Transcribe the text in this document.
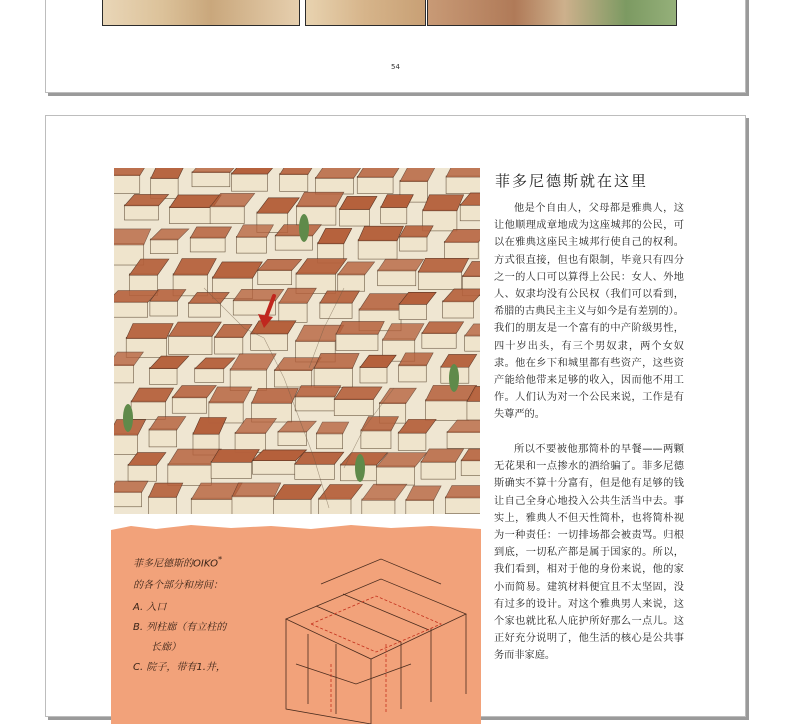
54
菲多尼德斯的OIKO*
的各个部分和房间：
A. 入口
B. 列柱廊（有立柱的
长廊）
C. 院子，带有1.井，
菲多尼德斯就在这里

他是个自由人，父母都是雅典人，这让他顺理成章地成为这座城邦的公民，可以在雅典这座民主城邦行使自己的权利。方式很直接，但也有限制，毕竟只有四分之一的人口可以算得上公民：女人、外地人、奴隶均没有公民权（我们可以看到，希腊的古典民主主义与如今是有差别的）。我们的朋友是一个富有的中产阶级男性，四十岁出头，有三个男奴隶，两个女奴隶。他在乡下和城里都有些资产，这些资产能给他带来足够的收入，因而他不用工作。人们认为对一个公民来说，工作是有失尊严的。

所以不要被他那简朴的早餐——两颗无花果和一点掺水的酒给骗了。菲多尼德斯确实不算十分富有，但是他有足够的钱让自己全身心地投入公共生活当中去。事实上，雅典人不但天性简朴，也将简朴视为一种责任：一切排场都会被责骂。归根到底，一切私产都是属于国家的。所以，我们看到，相对于他的身份来说，他的家小而简易。建筑材料便宜且不太坚固，没有过多的设计。对这个雅典男人来说，这个家也就比私人庇护所好那么一点儿。这正好充分说明了，他生活的核心是公共事务而非家庭。
